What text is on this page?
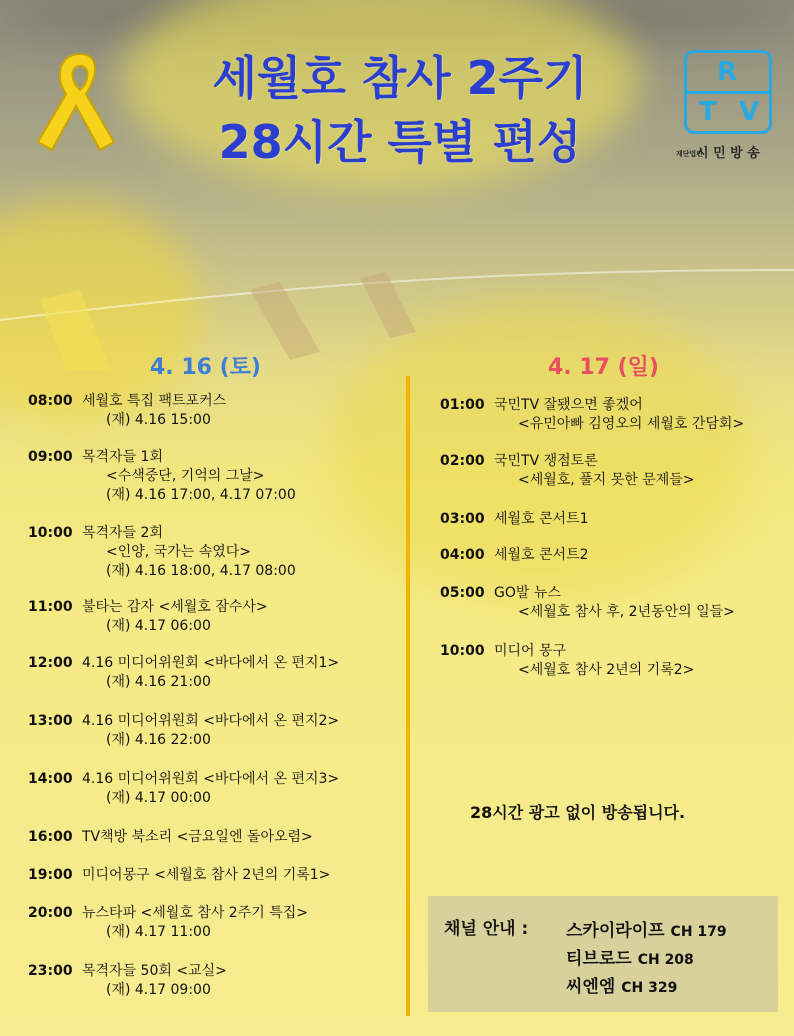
세월호 참사 2주기
28시간 특별 편성
R
T V
재단법인시 민 방 송
4. 16 (토)	4. 17 (일)
08:00 세월호 특집 팩트포커스
(재) 4.16 15:00
09:00 목격자들 1회
<수색중단, 기억의 그날>
(재) 4.16 17:00, 4.17 07:00
10:00 목격자들 2회
<인양, 국가는 속였다>
(재) 4.16 18:00, 4.17 08:00
11:00 불타는 감자 <세월호 잠수사>
(재) 4.17 06:00
12:00 4.16 미디어위원회 <바다에서 온 편지1>
(재) 4.16 21:00
13:00 4.16 미디어위원회 <바다에서 온 편지2>
(재) 4.16 22:00
14:00 4.16 미디어위원회 <바다에서 온 편지3>
(재) 4.17 00:00
16:00 TV책방 북소리 <금요일엔 돌아오렴>
19:00 미디어몽구 <세월호 참사 2년의 기록1>
20:00 뉴스타파 <세월호 참사 2주기 특집>
(재) 4.17 11:00
23:00 목격자들 50회 <교실>
(재) 4.17 09:00
01:00 국민TV 잘됐으면 좋겠어
<유민아빠 김영오의 세월호 간담회>
02:00 국민TV 쟁점토론
<세월호, 풀지 못한 문제들>
03:00 세월호 콘서트1
04:00 세월호 콘서트2
05:00 GO발 뉴스
<세월호 참사 후, 2년동안의 일들>
10:00 미디어 몽구
<세월호 참사 2년의 기록2>
28시간 광고 없이 방송됩니다.
채널 안내 : 스카이라이프 CH 179
티브로드 CH 208
씨엔엠 CH 329
